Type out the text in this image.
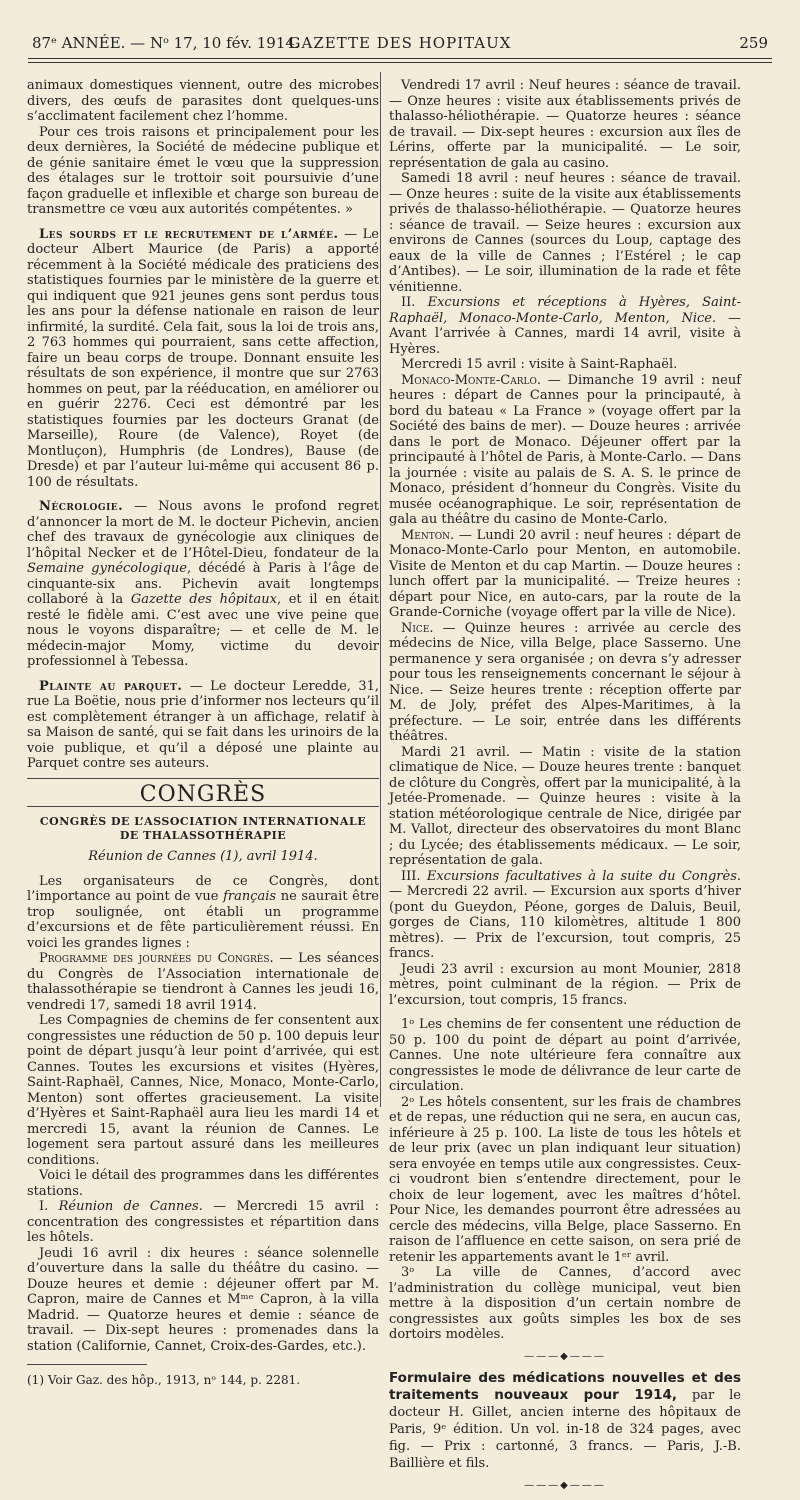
87ᵉ ANNÉE. — Nᵒ 17, 10 fév. 1914.
GAZETTE DES HOPITAUX	259

animaux domestiques viennent, outre des microbes divers, des œufs de parasites dont quelques-uns s’acclimatent facilement chez l’homme.

Pour ces trois raisons et principalement pour les deux dernières, la Société de médecine publique et de génie sanitaire émet le vœu que la suppression des étalages sur le trottoir soit poursuivie d’une façon graduelle et inflexible et charge son bureau de transmettre ce vœu aux autorités compétentes. »

Les sourds et le recrutement de l’armée. — Le docteur Albert Maurice (de Paris) a apporté récemment à la Société médicale des praticiens des statistiques fournies par le ministère de la guerre et qui indiquent que 921 jeunes gens sont perdus tous les ans pour la défense nationale en raison de leur infirmité, la surdité. Cela fait, sous la loi de trois ans, 2 763 hommes qui pourraient, sans cette affection, faire un beau corps de troupe. Donnant ensuite les résultats de son expérience, il montre que sur 2763 hommes on peut, par la rééducation, en améliorer ou en guérir 2276. Ceci est démontré par les statistiques fournies par les docteurs Granat (de Marseille), Roure (de Valence), Royet (de Montluçon), Humphris (de Londres), Bause (de Dresde) et par l’auteur lui-même qui accusent 86 p. 100 de résultats.

Nécrologie. — Nous avons le profond regret d’annoncer la mort de M. le docteur Pichevin, ancien chef des travaux de gynécologie aux cliniques de l’hôpital Necker et de l’Hôtel-Dieu, fondateur de la Semaine gynécologique, décédé à Paris à l’âge de cinquante-six ans. Pichevin avait longtemps collaboré à la Gazette des hôpitaux, et il en était resté le fidèle ami. C’est avec une vive peine que nous le voyons disparaître; — et celle de M. le médecin-major Momy, victime du devoir professionnel à Tebessa.

Plainte au parquet. — Le docteur Leredde, 31, rue La Boëtie, nous prie d’informer nos lecteurs qu’il est complètement étranger à un affichage, relatif à sa Maison de santé, qui se fait dans les urinoirs de la voie publique, et qu’il a déposé une plainte au Parquet contre ses auteurs.

CONGRÈS
CONGRÈS DE L’ASSOCIATION INTERNATIONALE
DE THALASSOTHÉRAPIE

Réunion de Cannes (1), avril 1914.

Les organisateurs de ce Congrès, dont l’importance au point de vue français ne saurait être trop soulignée, ont établi un programme d’excursions et de fête particulièrement réussi. En voici les grandes lignes :

Programme des journées du Congrès. — Les séances du Congrès de l’Association internationale de thalassothérapie se tiendront à Cannes les jeudi 16, vendredi 17, samedi 18 avril 1914.

Les Compagnies de chemins de fer consentent aux congressistes une réduction de 50 p. 100 depuis leur point de départ jusqu’à leur point d’arrivée, qui est Cannes. Toutes les excursions et visites (Hyères, Saint-Raphaël, Cannes, Nice, Monaco, Monte-Carlo, Menton) sont offertes gracieusement. La visite d’Hyères et Saint-Raphaël aura lieu les mardi 14 et mercredi 15, avant la réunion de Cannes. Le logement sera partout assuré dans les meilleures conditions.

Voici le détail des programmes dans les différentes stations.

I. Réunion de Cannes. — Mercredi 15 avril : concentration des congressistes et répartition dans les hôtels.

Jeudi 16 avril : dix heures : séance solennelle d’ouverture dans la salle du théâtre du casino. — Douze heures et demie : déjeuner offert par M. Capron, maire de Cannes et Mᵐᵉ Capron, à la villa Madrid. — Quatorze heures et demie : séance de travail. — Dix-sept heures : promenades dans la station (Californie, Cannet, Croix-des-Gardes, etc.).

(1) Voir Gaz. des hôp., 1913, nᵒ 144, p. 2281.

Vendredi 17 avril : Neuf heures : séance de travail. — Onze heures : visite aux établissements privés de thalasso-héliothérapie. — Quatorze heures : séance de travail. — Dix-sept heures : excursion aux îles de Lérins, offerte par la municipalité. — Le soir, représentation de gala au casino.

Samedi 18 avril : neuf heures : séance de travail. — Onze heures : suite de la visite aux établissements privés de thalasso-héliothérapie. — Quatorze heures : séance de travail. — Seize heures : excursion aux environs de Cannes (sources du Loup, captage des eaux de la ville de Cannes ; l’Estérel ; le cap d’Antibes). — Le soir, illumination de la rade et fête vénitienne.

II. Excursions et réceptions à Hyères, Saint-Raphaël, Monaco-Monte-Carlo, Menton, Nice. — Avant l’arrivée à Cannes, mardi 14 avril, visite à Hyères.

Mercredi 15 avril : visite à Saint-Raphaël.

Monaco-Monte-Carlo. — Dimanche 19 avril : neuf heures : départ de Cannes pour la principauté, à bord du bateau « La France » (voyage offert par la Société des bains de mer). — Douze heures : arrivée dans le port de Monaco. Déjeuner offert par la principauté à l’hôtel de Paris, à Monte-Carlo. — Dans la journée : visite au palais de S. A. S. le prince de Monaco, président d’honneur du Congrès. Visite du musée océanographique. Le soir, représentation de gala au théâtre du casino de Monte-Carlo.

Menton. — Lundi 20 avril : neuf heures : départ de Monaco-Monte-Carlo pour Menton, en automobile. Visite de Menton et du cap Martin. — Douze heures : lunch offert par la municipalité. — Treize heures : départ pour Nice, en auto-cars, par la route de la Grande-Corniche (voyage offert par la ville de Nice).

Nice. — Quinze heures : arrivée au cercle des médecins de Nice, villa Belge, place Sasserno. Une permanence y sera organisée ; on devra s’y adresser pour tous les renseignements concernant le séjour à Nice. — Seize heures trente : réception offerte par M. de Joly, préfet des Alpes-Maritimes, à la préfecture. — Le soir, entrée dans les différents théâtres.

Mardi 21 avril. — Matin : visite de la station climatique de Nice. — Douze heures trente : banquet de clôture du Congrès, offert par la municipalité, à la Jetée-Promenade. — Quinze heures : visite à la station météorologique centrale de Nice, dirigée par M. Vallot, directeur des observatoires du mont Blanc ; du Lycée; des établissements médicaux. — Le soir, représentation de gala.

III. Excursions facultatives à la suite du Congrès. — Mercredi 22 avril. — Excursion aux sports d’hiver (pont du Gueydon, Péone, gorges de Daluis, Beuil, gorges de Cians, 110 kilomètres, altitude 1 800 mètres). — Prix de l’excursion, tout compris, 25 francs.

Jeudi 23 avril : excursion au mont Mounier, 2818 mètres, point culminant de la région. — Prix de l’excursion, tout compris, 15 francs.

1ᵒ Les chemins de fer consentent une réduction de 50 p. 100 du point de départ au point d’arrivée, Cannes. Une note ultérieure fera connaître aux congressistes le mode de délivrance de leur carte de circulation.

2ᵒ Les hôtels consentent, sur les frais de chambres et de repas, une réduction qui ne sera, en aucun cas, inférieure à 25 p. 100. La liste de tous les hôtels et de leur prix (avec un plan indiquant leur situation) sera envoyée en temps utile aux congressistes. Ceux-ci voudront bien s’entendre directement, pour le choix de leur logement, avec les maîtres d’hôtel. Pour Nice, les demandes pourront être adressées au cercle des médecins, villa Belge, place Sasserno. En raison de l’affluence en cette saison, on sera prié de retenir les appartements avant le 1ᵉʳ avril.

3ᵒ La ville de Cannes, d’accord avec l’administration du collège municipal, veut bien mettre à la disposition d’un certain nombre de congressistes aux goûts simples les box de ses dortoirs modèles.

———◆———

Formulaire des médications nouvelles et des traitements nouveaux pour 1914, par le docteur H. Gillet, ancien interne des hôpitaux de Paris, 9ᵉ édition. Un vol. in-18 de 324 pages, avec fig. — Prix : cartonné, 3 francs. — Paris, J.-B. Baillière et fils.

———◆———
